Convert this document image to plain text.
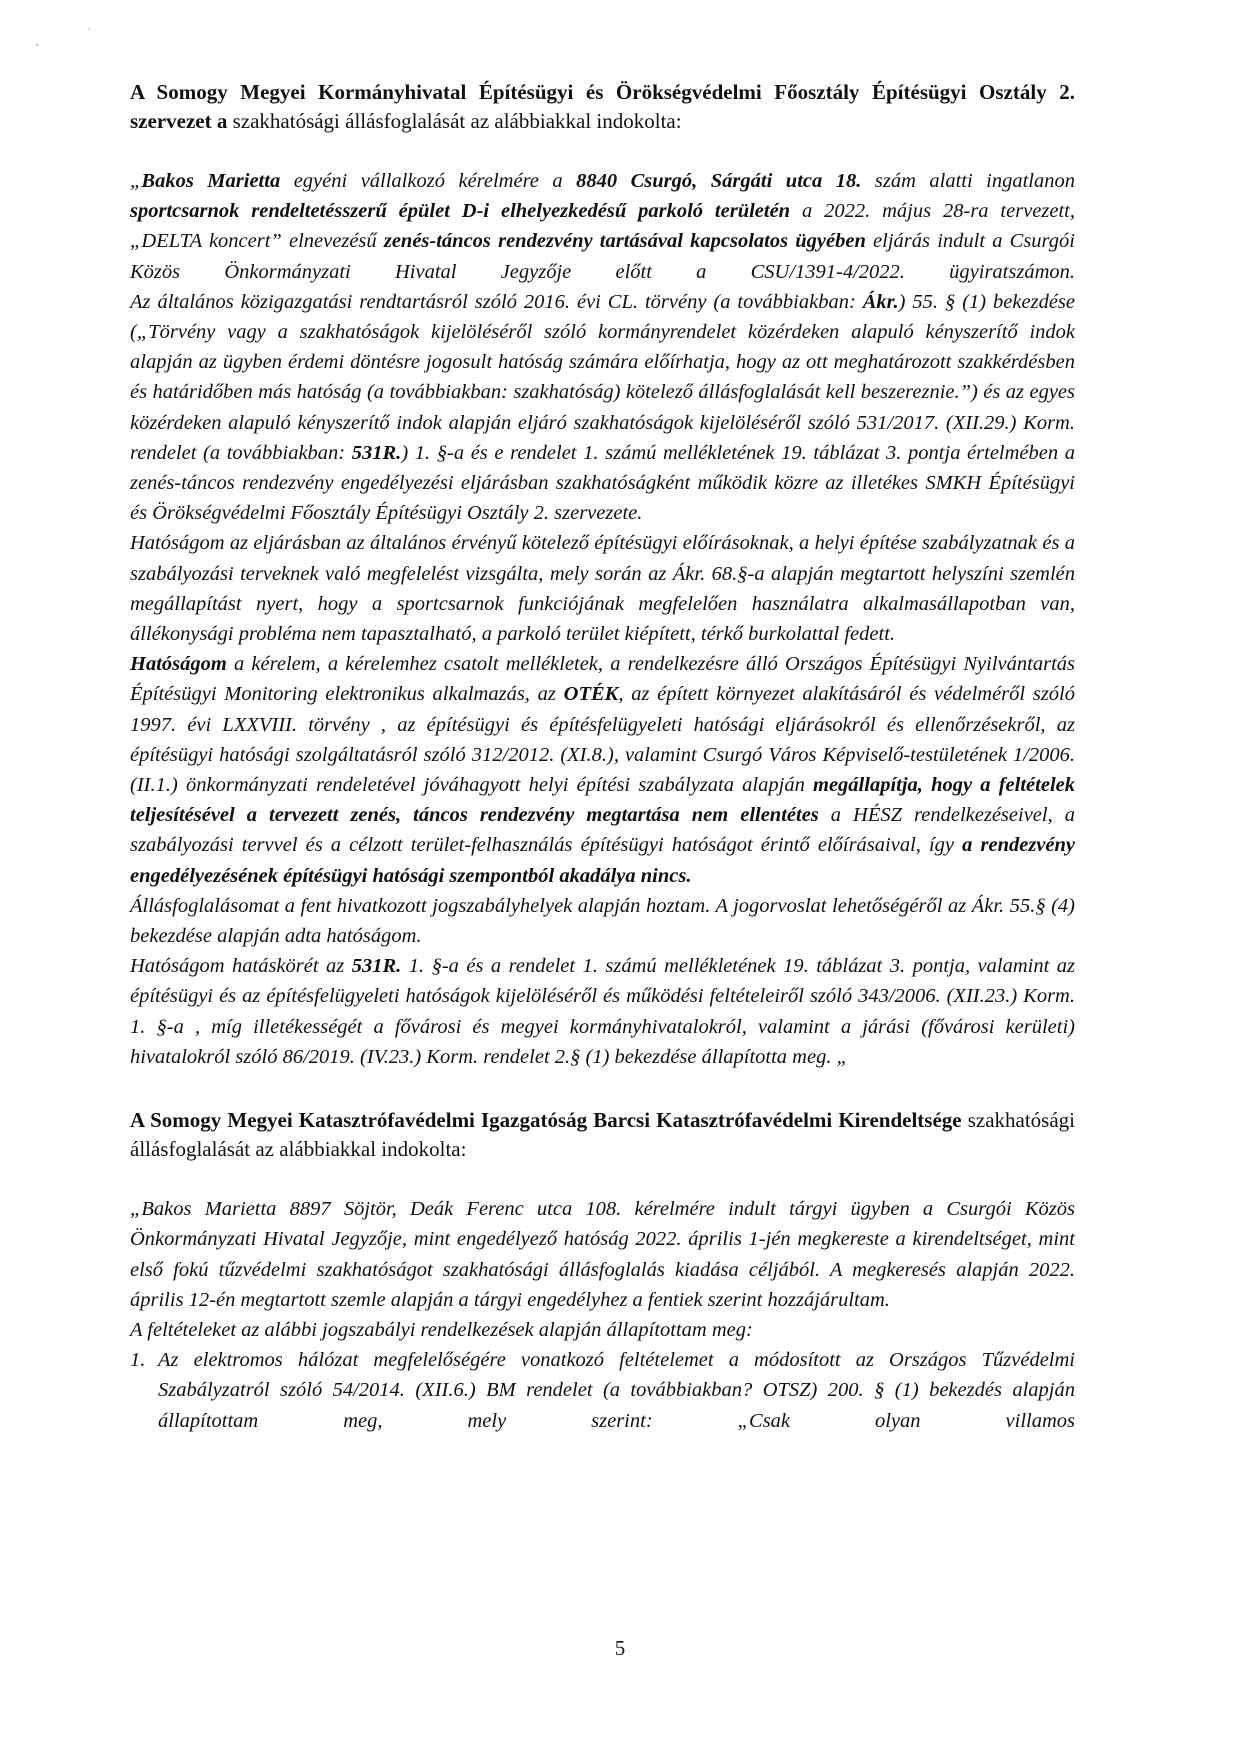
A Somogy Megyei Kormányhivatal Építésügyi és Örökségvédelmi Főosztály Építésügyi Osztály 2. szervezet a szakhatósági állásfoglalását az alábbiakkal indokolta:

„Bakos Marietta egyéni vállalkozó kérelmére a 8840 Csurgó, Sárgáti utca 18. szám alatti ingatlanon sportcsarnok rendeltetésszerű épület D-i elhelyezkedésű parkoló területén a 2022. május 28-ra tervezett, „DELTA koncert” elnevezésű zenés-táncos rendezvény tartásával kapcsolatos ügyében eljárás indult a Csurgói Közös Önkormányzati Hivatal Jegyzője előtt a CSU/1391-4/2022. ügyiratszámon.

Az általános közigazgatási rendtartásról szóló 2016. évi CL. törvény (a továbbiakban: Ákr.) 55. § (1) bekezdése („Törvény vagy a szakhatóságok kijelöléséről szóló kormányrendelet közérdeken alapuló kényszerítő indok alapján az ügyben érdemi döntésre jogosult hatóság számára előírhatja, hogy az ott meghatározott szakkérdésben és határidőben más hatóság (a továbbiakban: szakhatóság) kötelező állásfoglalását kell beszereznie.”) és az egyes közérdeken alapuló kényszerítő indok alapján eljáró szakhatóságok kijelöléséről szóló 531/2017. (XII.29.) Korm. rendelet (a továbbiakban: 531R.) 1. §-a és e rendelet 1. számú mellékletének 19. táblázat 3. pontja értelmében a zenés-táncos rendezvény engedélyezési eljárásban szakhatóságként működik közre az illetékes SMKH Építésügyi és Örökségvédelmi Főosztály Építésügyi Osztály 2. szervezete.

Hatóságom az eljárásban az általános érvényű kötelező építésügyi előírásoknak, a helyi építése szabályzatnak és a szabályozási terveknek való megfelelést vizsgálta, mely során az Ákr. 68.§-a alapján megtartott helyszíni szemlén megállapítást nyert, hogy a sportcsarnok funkciójának megfelelően használatra alkalmasállapotban van, állékonysági probléma nem tapasztalható, a parkoló terület kiépített, térkő burkolattal fedett.

Hatóságom a kérelem, a kérelemhez csatolt mellékletek, a rendelkezésre álló Országos Építésügyi Nyilvántartás Építésügyi Monitoring elektronikus alkalmazás, az OTÉK, az épített környezet alakításáról és védelméről szóló 1997. évi LXXVIII. törvény , az építésügyi és építésfelügyeleti hatósági eljárásokról és ellenőrzésekről, az építésügyi hatósági szolgáltatásról szóló 312/2012. (XI.8.), valamint Csurgó Város Képviselő-testületének 1/2006. (II.1.) önkormányzati rendeletével jóváhagyott helyi építési szabályzata alapján megállapítja, hogy a feltételek teljesítésével a tervezett zenés, táncos rendezvény megtartása nem ellentétes a HÉSZ rendelkezéseivel, a szabályozási tervvel és a célzott terület-felhasználás építésügyi hatóságot érintő előírásaival, így a rendezvény engedélyezésének építésügyi hatósági szempontból akadálya nincs.

Állásfoglalásomat a fent hivatkozott jogszabályhelyek alapján hoztam. A jogorvoslat lehetőségéről az Ákr. 55.§ (4) bekezdése alapján adta hatóságom.

Hatóságom hatáskörét az 531R. 1. §-a és a rendelet 1. számú mellékletének 19. táblázat 3. pontja, valamint az építésügyi és az építésfelügyeleti hatóságok kijelöléséről és működési feltételeiről szóló 343/2006. (XII.23.) Korm. 1. §-a , míg illetékességét a fővárosi és megyei kormányhivatalokról, valamint a járási (fővárosi kerületi) hivatalokról szóló 86/2019. (IV.23.) Korm. rendelet 2.§ (1) bekezdése állapította meg. „

A Somogy Megyei Katasztrófavédelmi Igazgatóság Barcsi Katasztrófavédelmi Kirendeltsége szakhatósági állásfoglalását az alábbiakkal indokolta:

„Bakos Marietta 8897 Söjtör, Deák Ferenc utca 108. kérelmére indult tárgyi ügyben a Csurgói Közös Önkormányzati Hivatal Jegyzője, mint engedélyező hatóság 2022. április 1-jén megkereste a kirendeltséget, mint első fokú tűzvédelmi szakhatóságot szakhatósági állásfoglalás kiadása céljából. A megkeresés alapján 2022. április 12-én megtartott szemle alapján a tárgyi engedélyhez a fentiek szerint hozzájárultam.

A feltételeket az alábbi jogszabályi rendelkezések alapján állapítottam meg:

1. Az elektromos hálózat megfelelőségére vonatkozó feltételemet a módosított az Országos Tűzvédelmi Szabályzatról szóló 54/2014. (XII.6.) BM rendelet (a továbbiakban? OTSZ) 200. § (1) bekezdés alapján állapítottam meg, mely szerint: „Csak olyan villamos

5
